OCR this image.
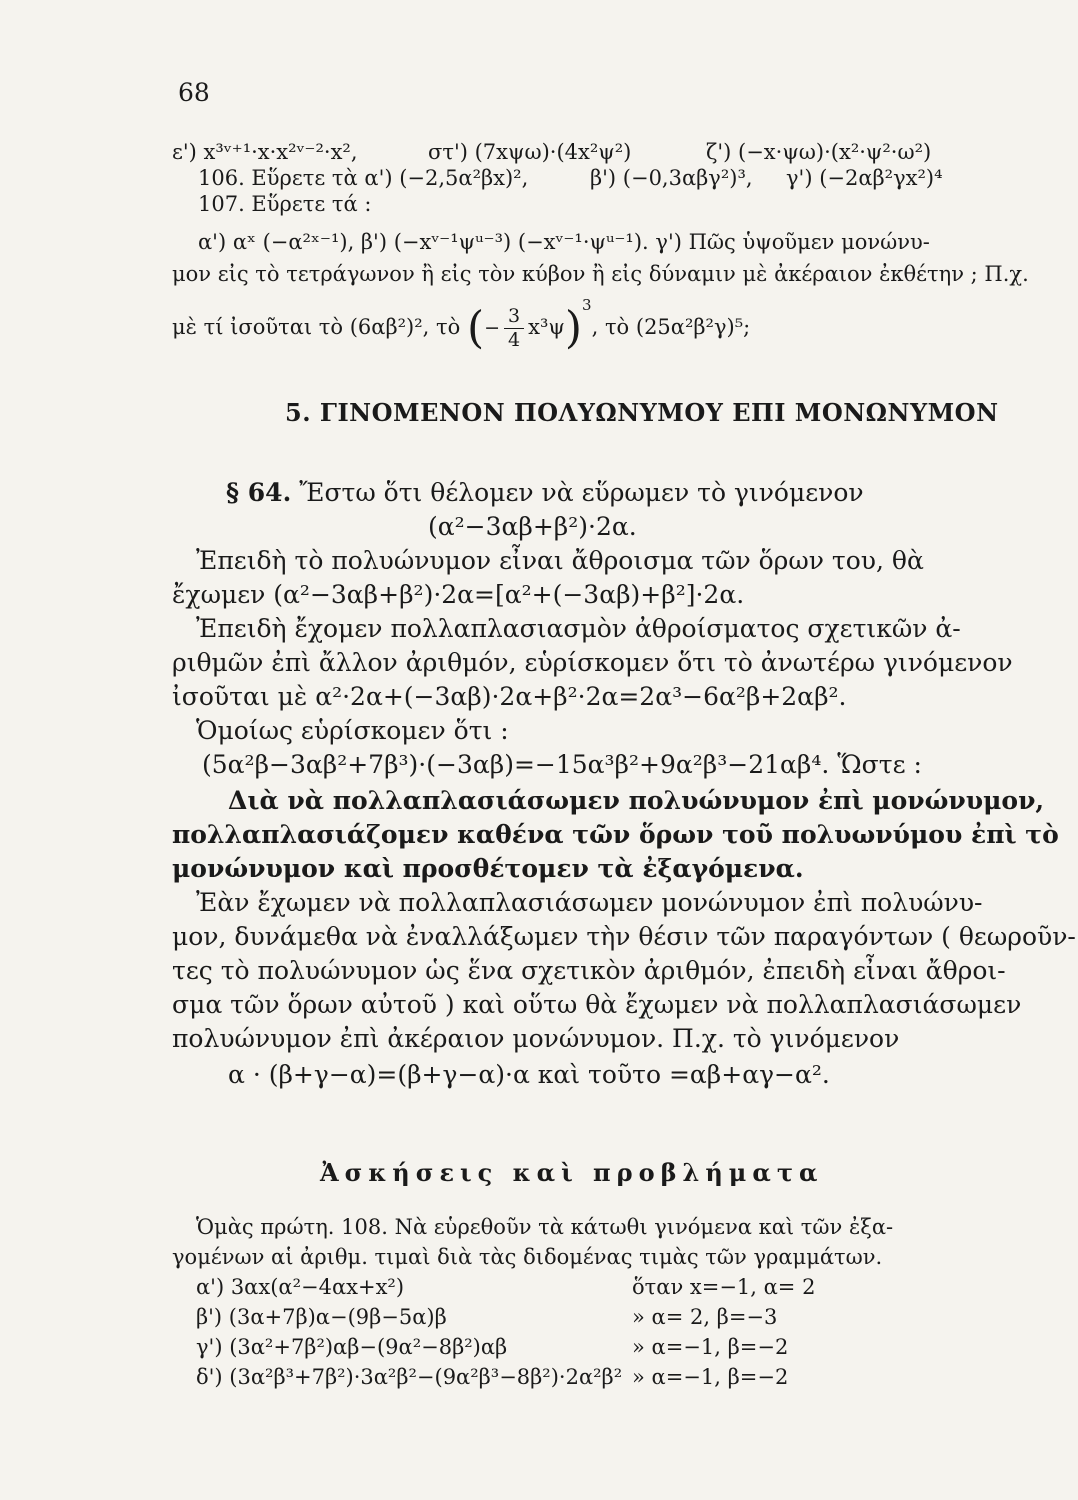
68
ε') x³ᵛ⁺¹·x·x²ᵛ⁻²·x²,	στ') (7xψω)·(4x²ψ²)	ζ') (−x·ψω)·(x²·ψ²·ω²)
106. Εὕρετε τὰ α') (−2,5α²βx)²,	β') (−0,3αβγ²)³, γ') (−2αβ²γx²)⁴
107. Εὕρετε τά :
α') αˣ (−α²ˣ⁻¹), β') (−xᵛ⁻¹ψᵘ⁻³) (−xᵛ⁻¹·ψᵘ⁻¹). γ') Πῶς ὑψοῦμεν μονώνυ-
μον εἰς τὸ τετράγωνον ἢ εἰς τὸν κύβον ἢ εἰς δύναμιν μὲ ἀκέραιον ἐκθέτην ; Π.χ.
μὲ τί ἰσοῦται τὸ (6αβ²)², τὸ (− $\frac{3}{4} x^3\psi)^3$, τὸ (25α²β²γ)⁵;
5. ΓΙΝΟΜΕΝΟΝ ΠΟΛΥΩΝΥΜΟΥ ΕΠΙ ΜΟΝΩΝΥΜΟΝ
§ 64. Ἔστω ὅτι θέλομεν νὰ εὕρωμεν τὸ γινόμενον
(α²−3αβ+β²)·2α.
Ἐπειδὴ τὸ πολυώνυμον εἶναι ἄθροισμα τῶν ὅρων του, θὰ
ἔχωμεν (α²−3αβ+β²)·2α=[α²+(−3αβ)+β²]·2α.
Ἐπειδὴ ἔχομεν πολλαπλασιασμὸν ἀθροίσματος σχετικῶν ἀ-
ριθμῶν ἐπὶ ἄλλον ἀριθμόν, εὑρίσκομεν ὅτι τὸ ἀνωτέρω γινόμενον
ἰσοῦται μὲ α²·2α+(−3αβ)·2α+β²·2α=2α³−6α²β+2αβ².
Ὁμοίως εὑρίσκομεν ὅτι :
(5α²β−3αβ²+7β³)·(−3αβ)=−15α³β²+9α²β³−21αβ⁴. Ὥστε :
Διὰ νὰ πολλαπλασιάσωμεν πολυώνυμον ἐπὶ μονώνυμον,
πολλαπλασιάζομεν καθένα τῶν ὅρων τοῦ πολυωνύμου ἐπὶ τὸ
μονώνυμον καὶ προσθέτομεν τὰ ἐξαγόμενα.
Ἐὰν ἔχωμεν νὰ πολλαπλασιάσωμεν μονώνυμον ἐπὶ πολυώνυ-
μον, δυνάμεθα νὰ ἐναλλάξωμεν τὴν θέσιν τῶν παραγόντων ( θεωροῦν-
τες τὸ πολυώνυμον ὡς ἕνα σχετικὸν ἀριθμόν, ἐπειδὴ εἶναι ἄθροι-
σμα τῶν ὅρων αὐτοῦ ) καὶ οὕτω θὰ ἔχωμεν νὰ πολλαπλασιάσωμεν
πολυώνυμον ἐπὶ ἀκέραιον μονώνυμον. Π.χ. τὸ γινόμενον
α · (β+γ−α)=(β+γ−α)·α καὶ τοῦτο =αβ+αγ−α².
Ἀσκήσεις καὶ προβλήματα
Ὁμὰς πρώτη. 108. Νὰ εὑρεθοῦν τὰ κάτωθι γινόμενα καὶ τῶν ἐξα-
γομένων αἱ ἀριθμ. τιμαὶ διὰ τὰς διδομένας τιμὰς τῶν γραμμάτων.
α') 3αx(α²−4αx+x²)	ὅταν x=−1, α= 2
β') (3α+7β)α−(9β−5α)β	» α= 2, β=−3
γ') (3α²+7β²)αβ−(9α²−8β²)αβ	» α=−1, β=−2
δ') (3α²β³+7β²)·3α²β²−(9α²β³−8β²)·2α²β² » α=−1, β=−2
